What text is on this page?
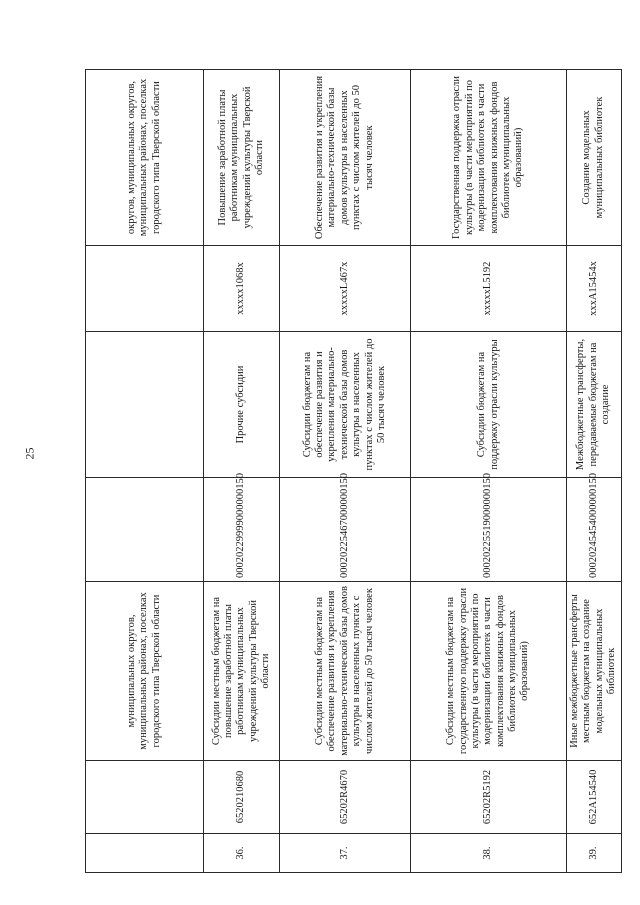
25
		муниципальных округов, муниципальных районах, поселках городского типа Тверской области				округов, муниципальных округов, муниципальных районах, поселках городского типа Тверской области
36.	6520210680	Субсидии местным бюджетам на повышение заработной платы работникам муниципальных учреждений культуры Тверской области	00020229999000000150	Прочие субсидии	xxxxx1068x	Повышение заработной платы работникам муниципальных учреждений культуры Тверской области
37.	65202R4670	Субсидии местным бюджетам на обеспечение развития и укрепления материально-технической базы домов культуры в населенных пунктах с числом жителей до 50 тысяч человек	00020225467000000150	Субсидии бюджетам на обеспечение развития и укрепления материально-технической базы домов культуры в населенных пунктах с числом жителей до 50 тысяч человек	xxxxxL467x	Обеспечение развития и укрепления материально-технической базы домов культуры в населенных пунктах с числом жителей до 50 тысяч человек
38.	65202R5192	Субсидии местным бюджетам на государственную поддержку отрасли культуры (в части мероприятий по модернизации библиотек в части комплектования книжных фондов библиотек муниципальных образований)	00020225519000000150	Субсидии бюджетам на поддержку отрасли культуры	xxxxxL5192	Государственная поддержка отрасли культуры (в части мероприятий по модернизации библиотек в части комплектования книжных фондов библиотек муниципальных образований)
39.	652A154540	Иные межбюджетные трансферты местным бюджетам на создание модельных муниципальных библиотек	00020245454000000150	Межбюджетные трансферты, передаваемые бюджетам на создание	xxxA15454x	Создание модельных муниципальных библиотек
